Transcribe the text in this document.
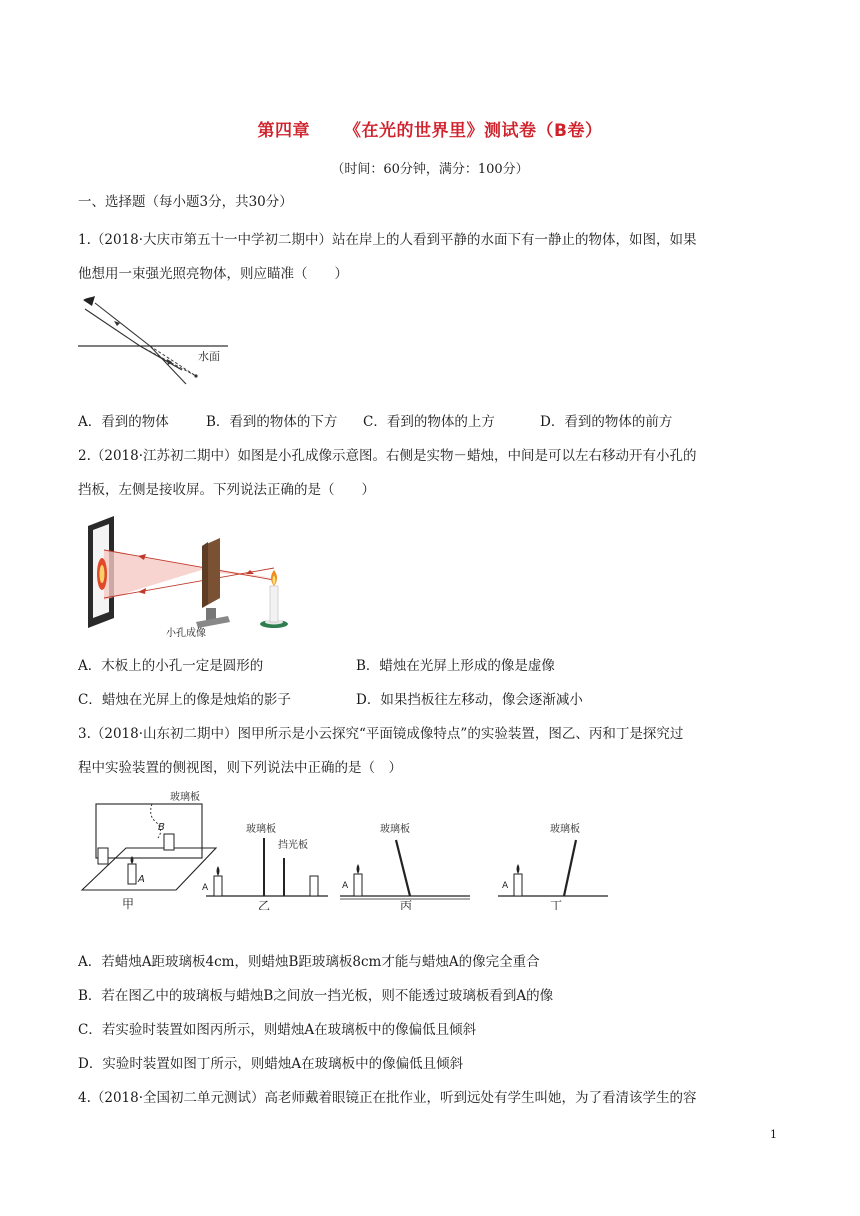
第四章 《在光的世界里》测试卷（B卷）
（时间：60分钟，满分：100分）
一、选择题（每小题3分，共30分）
1.（2018·大庆市第五十一中学初二期中）站在岸上的人看到平静的水面下有一静止的物体，如图，如果
他想用一束强光照亮物体，则应瞄准（　　）
水面
A．看到的物体	B．看到的物体的下方 C．看到的物体的上方	D．看到的物体的前方
2.（2018·江苏初二期中）如图是小孔成像示意图。右侧是实物－蜡烛，中间是可以左右移动开有小孔的
挡板，左侧是接收屏。下列说法正确的是（　　）
小孔成像
A．木板上的小孔一定是圆形的	B．蜡烛在光屏上形成的像是虚像
C．蜡烛在光屏上的像是烛焰的影子	D．如果挡板往左移动，像会逐渐减小
3.（2018·山东初二期中）图甲所示是小云探究“平面镜成像特点”的实验装置，图乙、丙和丁是探究过
程中实验装置的侧视图，则下列说法中正确的是（　）
玻璃板
B
A
甲
玻璃板
挡光板
A
乙
玻璃板
A
丙
玻璃板
A
丁
A．若蜡烛A距玻璃板4cm，则蜡烛B距玻璃板8cm才能与蜡烛A的像完全重合
B．若在图乙中的玻璃板与蜡烛B之间放一挡光板，则不能透过玻璃板看到A的像
C．若实验时装置如图丙所示，则蜡烛A在玻璃板中的像偏低且倾斜
D．实验时装置如图丁所示，则蜡烛A在玻璃板中的像偏低且倾斜
4.（2018·全国初二单元测试）高老师戴着眼镜正在批作业，听到远处有学生叫她，为了看清该学生的容
1
